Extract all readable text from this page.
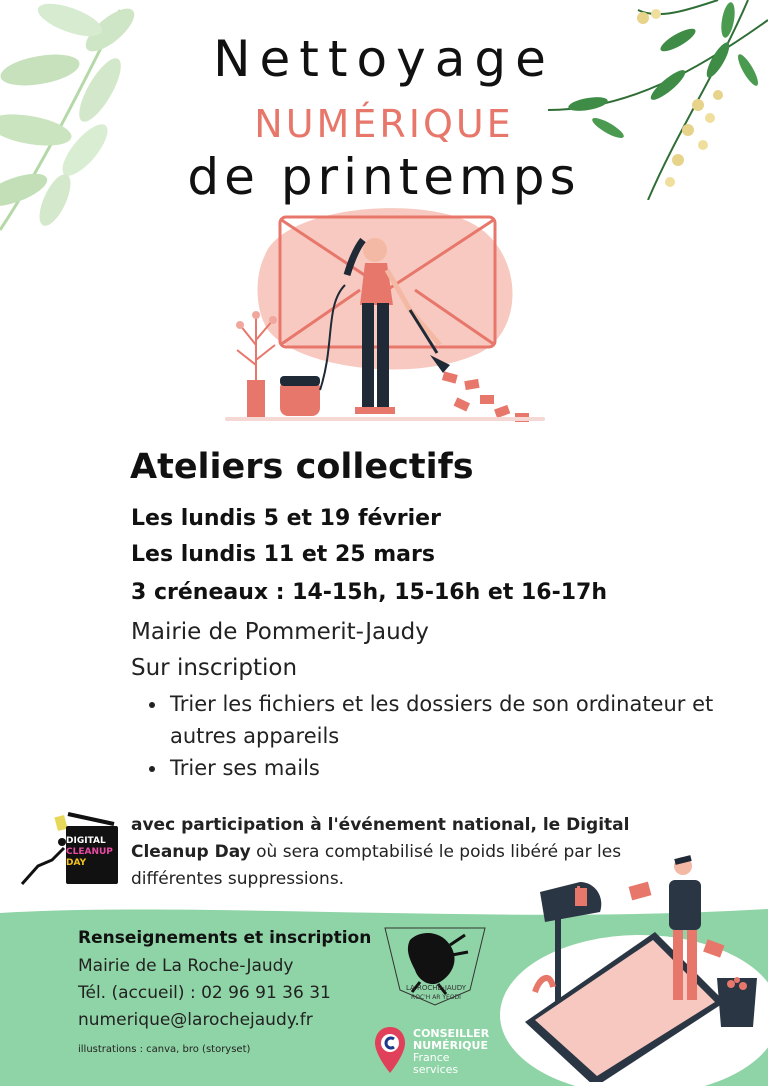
Nettoyage
NUMÉRIQUE
de printemps
Ateliers collectifs
Les lundis 5 et 19 février
Les lundis 11 et 25 mars
3 créneaux : 14-15h, 15-16h et 16-17h
Mairie de Pommerit-Jaudy
Sur inscription
• Trier les fichiers et les dossiers de son ordinateur et autres appareils
• Trier ses mails
DIGITAL
CLEANUP
DAY
avec participation à l'événement national, le Digital Cleanup Day où sera comptabilisé le poids libéré par les différentes suppressions.
Renseignements et inscription
Mairie de La Roche-Jaudy
Tél. (accueil) : 02 96 91 36 31
numerique@larochejaudy.fr
illustrations : canva, bro (storyset)
LA ROCHE-JAUDY
ROC'H AR YEODI
CONSEILLER
NUMÉRIQUE
France
services
